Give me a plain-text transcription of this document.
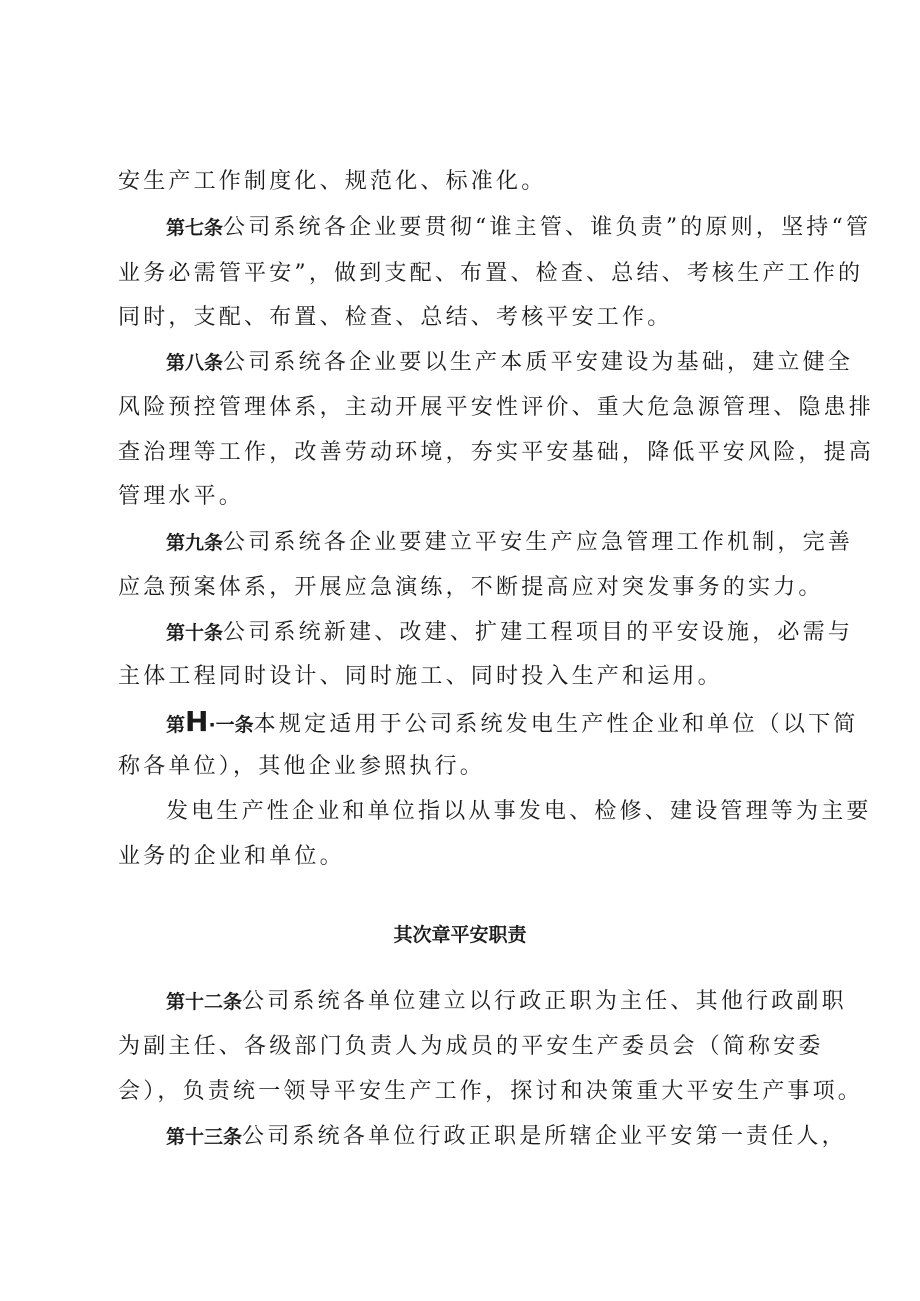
安生产工作制度化、规范化、标准化。
第七条公司系统各企业要贯彻“谁主管、谁负责”的原则，坚持“管
业务必需管平安”，做到支配、布置、检查、总结、考核生产工作的
同时，支配、布置、检查、总结、考核平安工作。
第八条公司系统各企业要以生产本质平安建设为基础，建立健全
风险预控管理体系，主动开展平安性评价、重大危急源管理、隐患排
查治理等工作，改善劳动环境，夯实平安基础，降低平安风险，提高
管理水平。
第九条公司系统各企业要建立平安生产应急管理工作机制，完善
应急预案体系，开展应急演练，不断提高应对突发事务的实力。
第十条公司系统新建、改建、扩建工程项目的平安设施，必需与
主体工程同时设计、同时施工、同时投入生产和运用。
第H·一条本规定适用于公司系统发电生产性企业和单位（以下简
称各单位），其他企业参照执行。
发电生产性企业和单位指以从事发电、检修、建设管理等为主要
业务的企业和单位。
其次章平安职责
第十二条公司系统各单位建立以行政正职为主任、其他行政副职
为副主任、各级部门负责人为成员的平安生产委员会（简称安委
会），负责统一领导平安生产工作，探讨和决策重大平安生产事项。
第十三条公司系统各单位行政正职是所辖企业平安第一责任人，
